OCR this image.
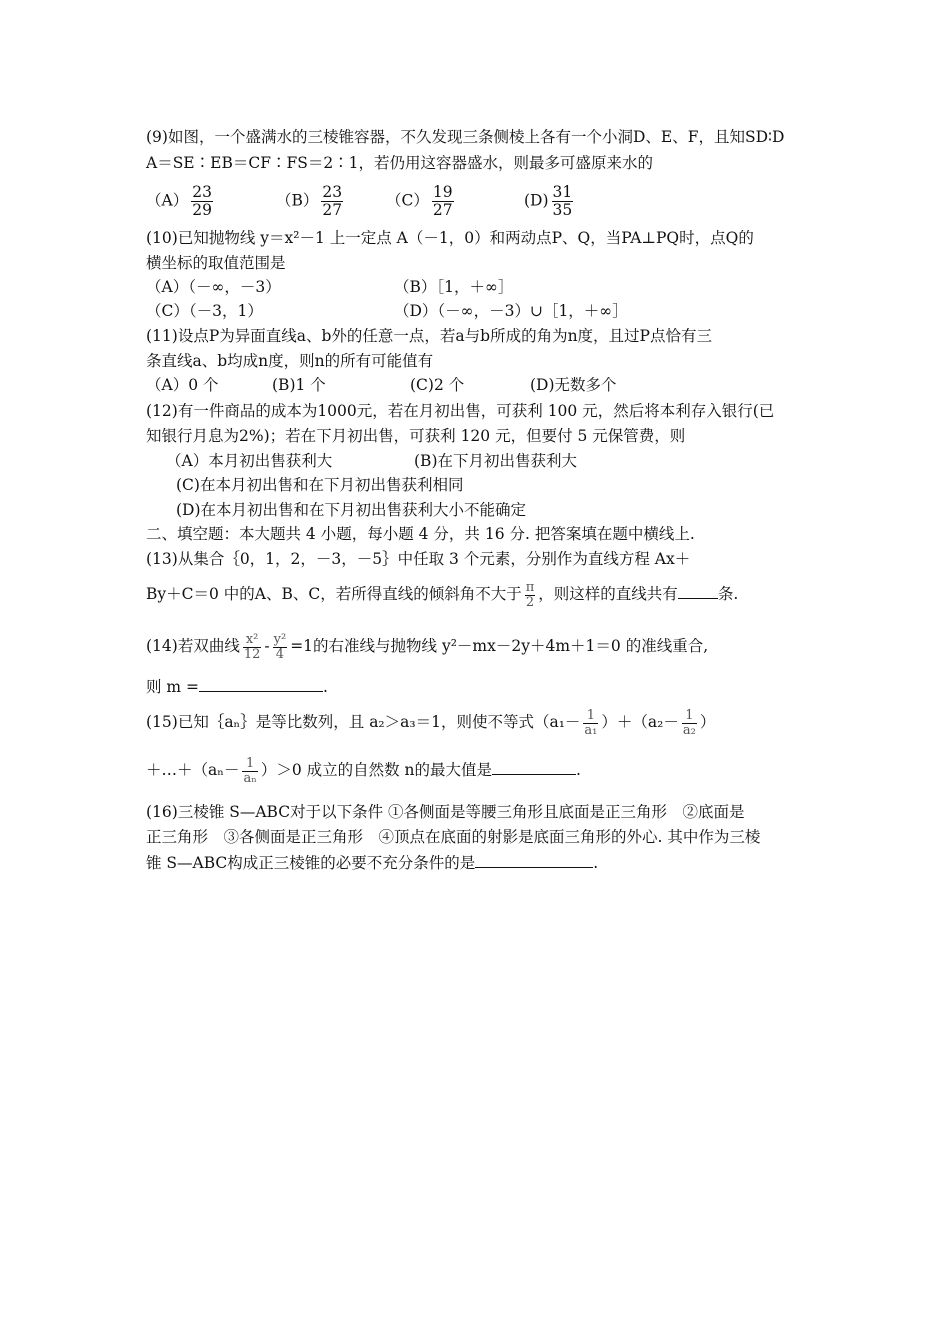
(9)如图，一个盛满水的三棱锥容器，不久发现三条侧棱上各有一个小洞D、E、F，且知SD∶D
A＝SE∶EB＝CF∶FS＝2∶1，若仍用这容器盛水，则最多可盛原来水的
$(A) \frac{23}{29}$	$(B) \frac{23}{27}$	$(C) \frac{19}{27}$	$(D) \frac{31}{35}$
(10)已知抛物线 y＝x²－1 上一定点 A（－1，0）和两动点P、Q，当PA⊥PQ时，点Q的
横坐标的取值范围是
（A）（－∞，－3）	（B）［1，＋∞］
（C）（－3，1）	（D）（－∞，－3）∪［1，＋∞］
(11)设点P为异面直线a、b外的任意一点，若a与b所成的角为n度，且过P点恰有三
条直线a、b均成n度，则n的所有可能值有
（A）0 个	(B)1 个	(C)2 个	(D)无数多个
(12)有一件商品的成本为1000元，若在月初出售，可获利 100 元，然后将本利存入银行(已
知银行月息为2%)；若在下月初出售，可获利 120 元，但要付 5 元保管费，则
（A）本月初出售获利大	(B)在下月初出售获利大
(C)在本月初出售和在下月初出售获利相同
(D)在本月初出售和在下月初出售获利大小不能确定
二、填空题：本大题共 4 小题，每小题 4 分，共 16 分. 把答案填在题中横线上.
(13)从集合｛0，1，2，－3，－5｝中任取 3 个元素，分别作为直线方程 Ax＋
By＋C＝0 中的A、B、C，若所得直线的倾斜角不大于 $\frac{\pi}{2}$ ，则这样的直线共有	条.
(14)若双曲线 $\frac{\text{x²}}{12} - \frac{\text{y²}}{4} =1$的右准线与抛物线 y²－mx－2y＋4m＋1＝0 的准线重合,
则 m =	.
(15)已知｛aₙ｝是等比数列，且 a₂＞a₃＝1，则使不等式$(a_1- \frac{1}{\text{a₁}} )+(a_2- \frac{1}{\text{a₂}}$ ）
＋…＋（aₙ－ $\frac{1}{\text{aₙ}} )>0$ 成立的自然数 n的最大值是	.
(16)三棱锥 S—ABC对于以下条件 ①各侧面是等腰三角形且底面是正三角形　②底面是
正三角形　③各侧面是正三角形　④顶点在底面的射影是底面三角形的外心. 其中作为三棱
锥 S—ABC构成正三棱锥的必要不充分条件的是	.
